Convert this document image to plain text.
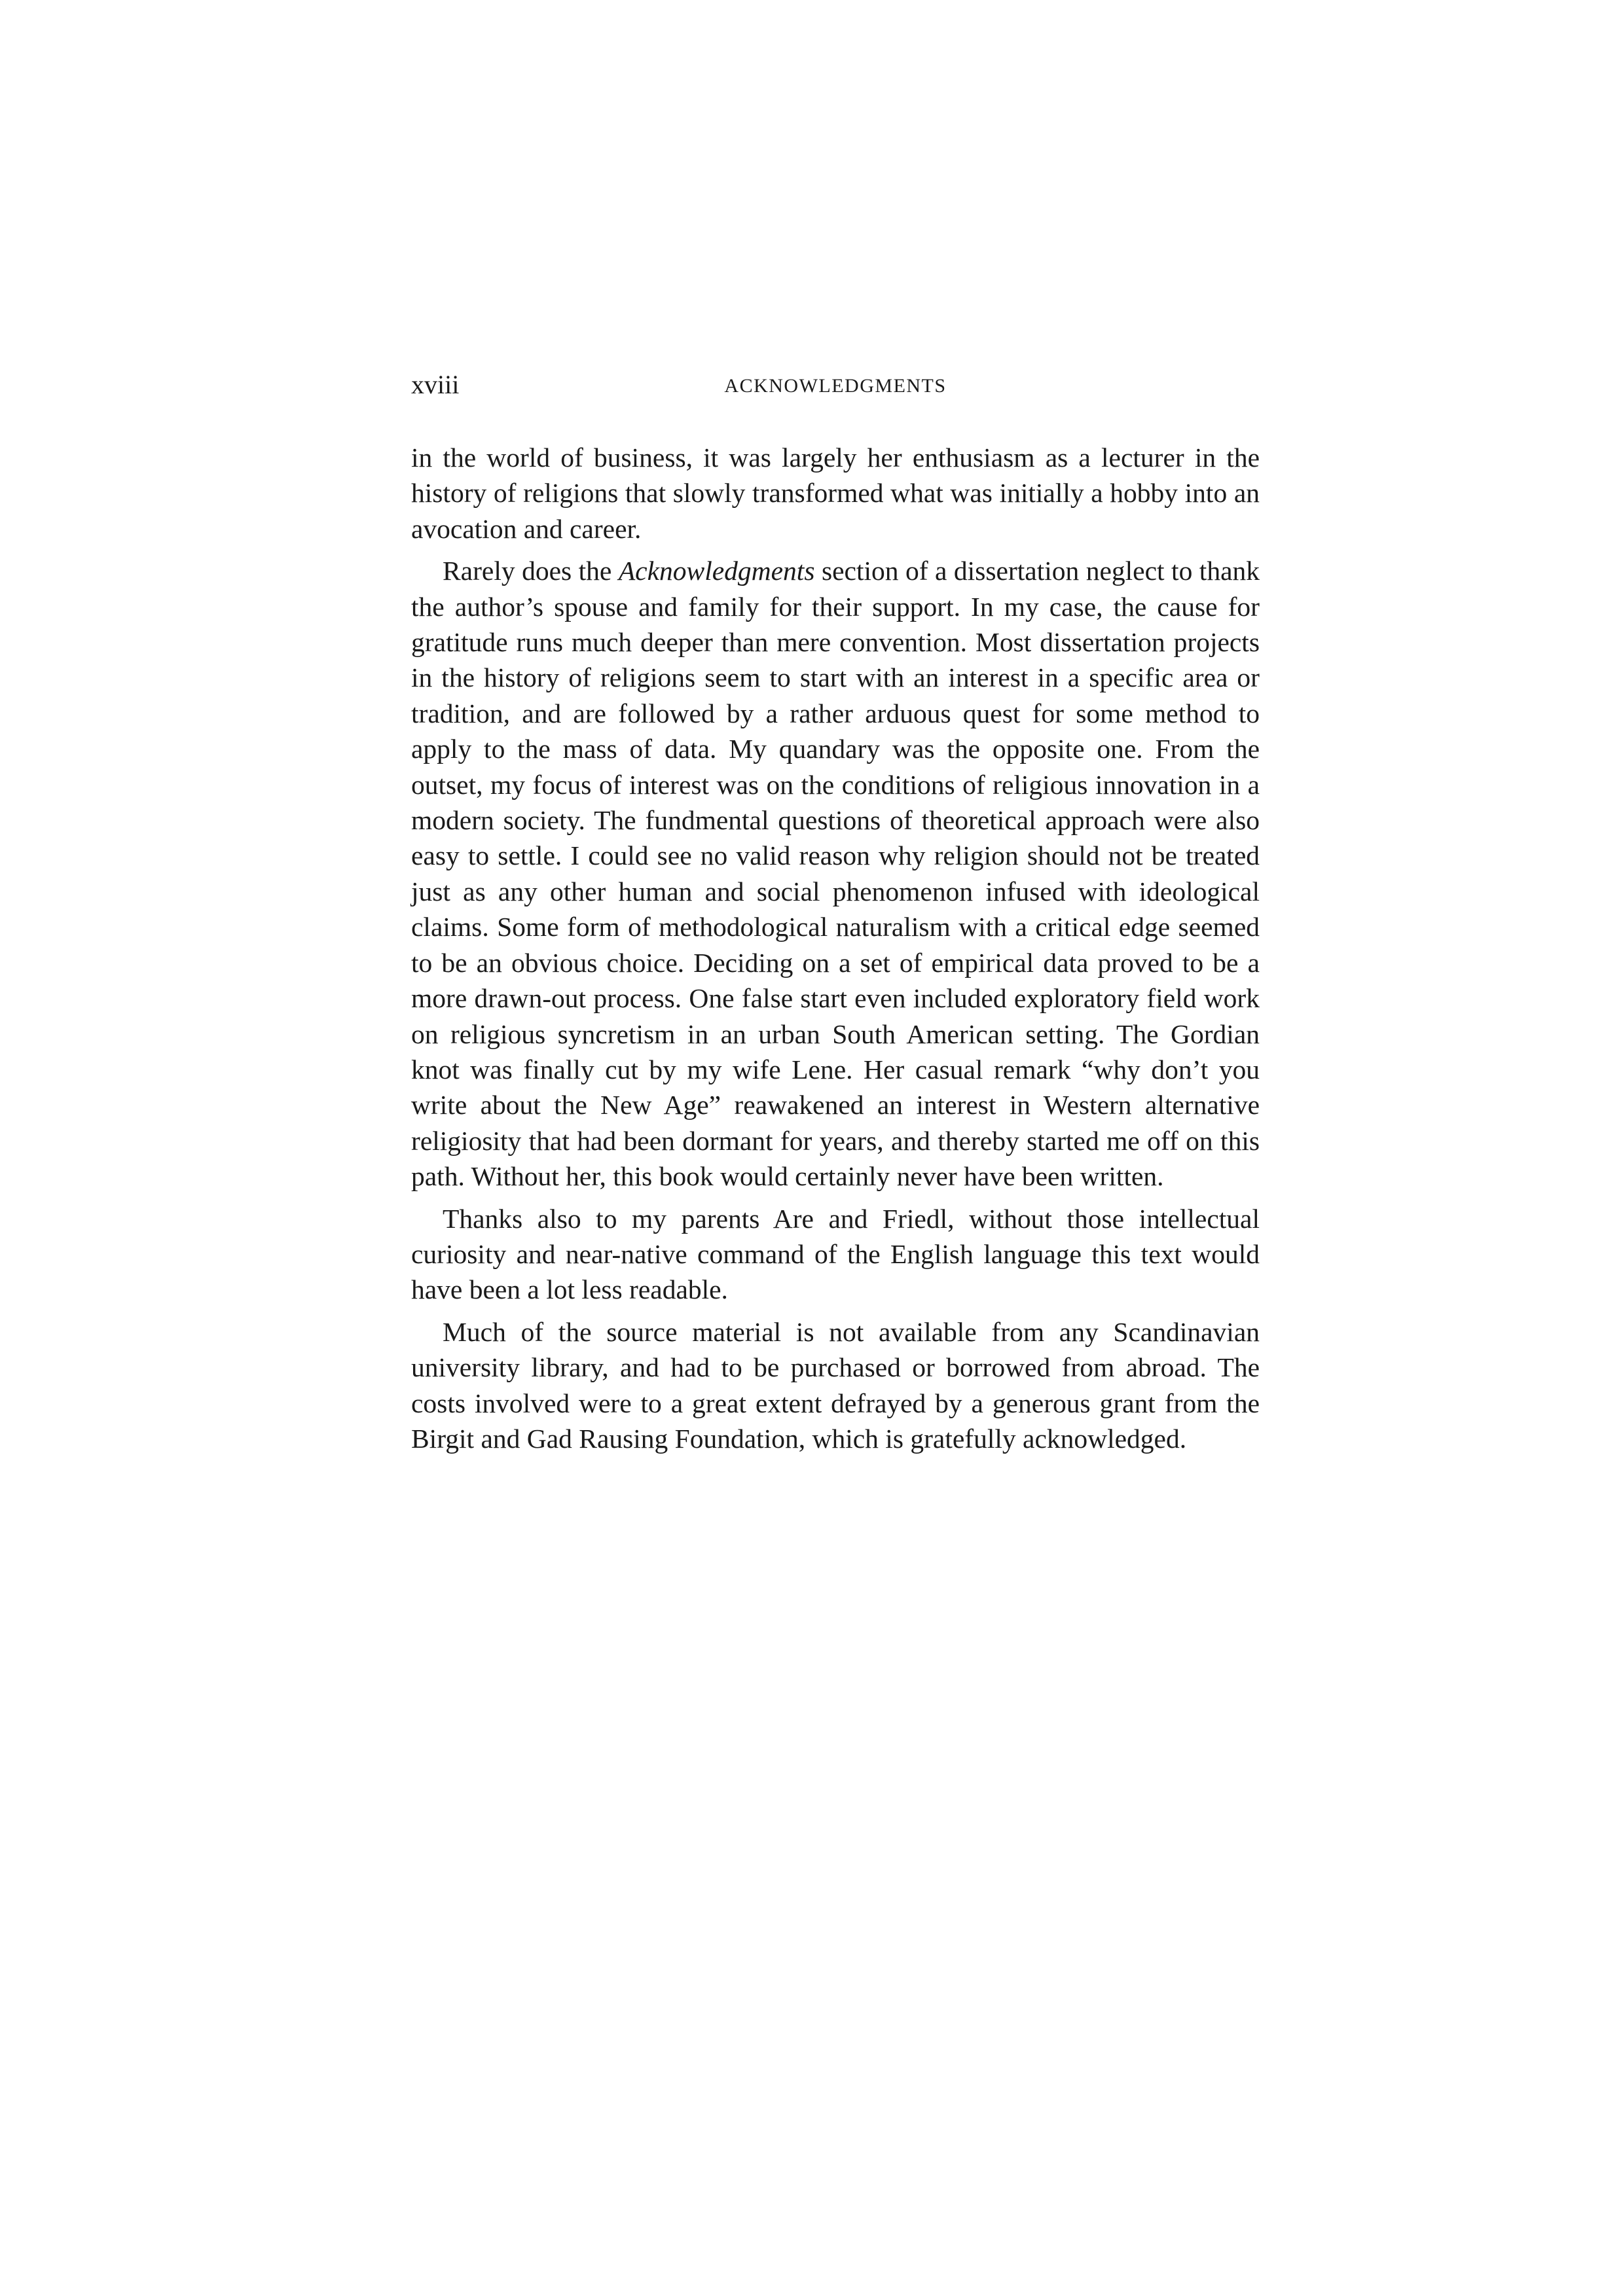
xviii	ACKNOWLEDGMENTS

in the world of business, it was largely her enthusiasm as a lecturer in the history of religions that slowly transformed what was initially a hobby into an avocation and career.

Rarely does the Acknowledgments section of a dissertation neglect to thank the author’s spouse and family for their support. In my case, the cause for gratitude runs much deeper than mere convention. Most dissertation projects in the history of religions seem to start with an interest in a specific area or tradition, and are followed by a rather arduous quest for some method to apply to the mass of data. My quandary was the opposite one. From the outset, my focus of interest was on the conditions of religious innovation in a modern society. The fundmental questions of theoretical approach were also easy to settle. I could see no valid reason why religion should not be treated just as any other human and social phenomenon infused with ideological claims. Some form of methodological naturalism with a critical edge seemed to be an obvious choice. Deciding on a set of empirical data proved to be a more drawn-out process. One false start even included exploratory field work on religious syncretism in an urban South American setting. The Gordian knot was finally cut by my wife Lene. Her casual remark “why don’t you write about the New Age” reawakened an interest in Western alternative religiosity that had been dormant for years, and thereby started me off on this path. Without her, this book would certainly never have been written.

Thanks also to my parents Are and Friedl, without those intellectual curiosity and near-native command of the English language this text would have been a lot less readable.

Much of the source material is not available from any Scandinavian university library, and had to be purchased or borrowed from abroad. The costs involved were to a great extent defrayed by a generous grant from the Birgit and Gad Rausing Foundation, which is gratefully acknowledged.
